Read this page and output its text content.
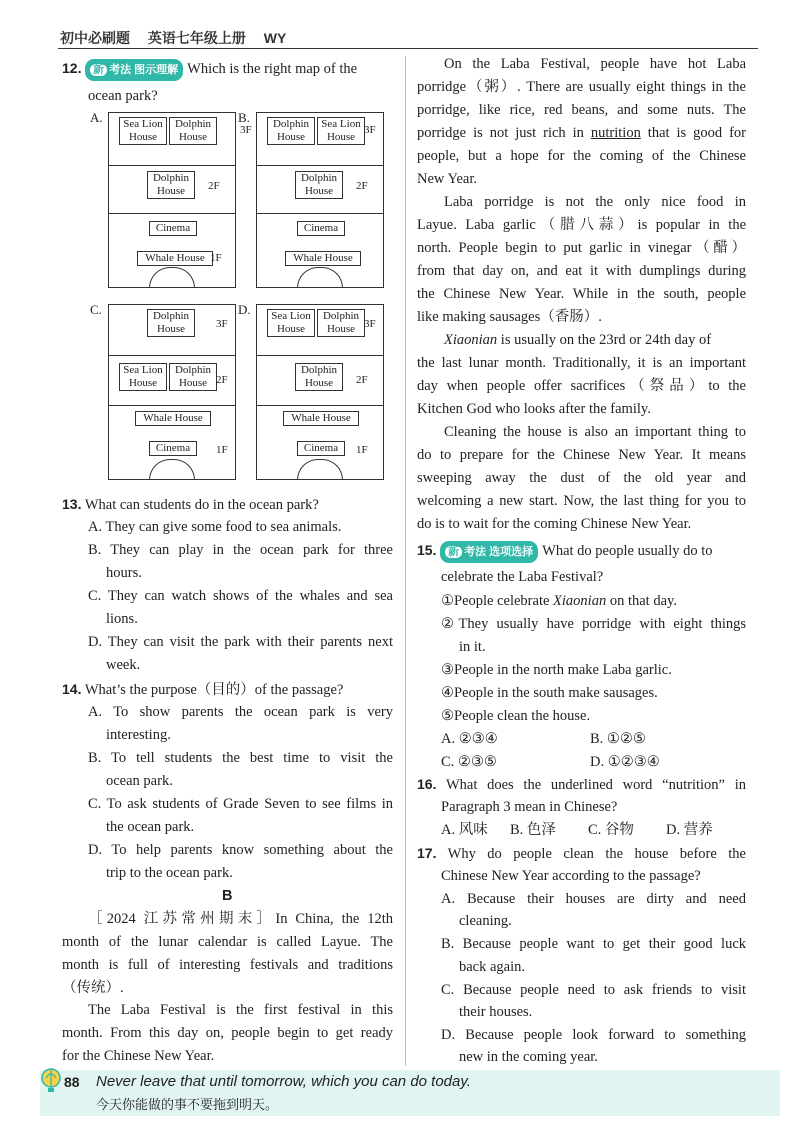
初中必刷题 英语七年级上册 WY
12. 新 考法 图示理解 Which is the right map of the
ocean park?
A.	Sea Lion House
Dolphin House
Dolphin House
Cinema
Whale House
3F
2F
1F
B.	Dolphin House
Sea Lion House
Dolphin House
Cinema
Whale House
3F
2F
C.	Dolphin House
Sea Lion House
Dolphin House
Whale House
Cinema
3F
2F
1F
D.	Sea Lion House
Dolphin House
Dolphin House
Whale House
Cinema
3F
2F
1F
13. What can students do in the ocean park?
A. They can give some food to sea animals.
B. They can play in the ocean park for three
hours.
C. They can watch shows of the whales and sea
lions.
D. They can visit the park with their parents next
week.
14. What’s the purpose（目的）of the passage?
A. To show parents the ocean park is very
interesting.
B. To tell students the best time to visit the
ocean park.
C. To ask students of Grade Seven to see films in
the ocean park.
D. To help parents know something about the
trip to the ocean park.
B
［2024 江苏常州期末］In China, the 12th
month of the lunar calendar is called Layue. The
month is full of interesting festivals and traditions
（传统）.
The Laba Festival is the first festival in this
month. From this day on, people begin to get ready
for the Chinese New Year.
On the Laba Festival, people have hot Laba
porridge（粥）. There are usually eight things in the
porridge, like rice, red beans, and some nuts. The
porridge is not just rich in nutrition that is good for
people, but a hope for the coming of the Chinese
New Year.
Laba porridge is not the only nice food in
Layue. Laba garlic（腊八蒜）is popular in the
north. People begin to put garlic in vinegar（醋）
from that day on, and eat it with dumplings during
the Chinese New Year. While in the south, people
like making sausages（香肠）.
Xiaonian is usually on the 23rd or 24th day of
the last lunar month. Traditionally, it is an important
day when people offer sacrifices（祭品）to the
Kitchen God who looks after the family.
Cleaning the house is also an important thing to
do to prepare for the Chinese New Year. It means
sweeping away the dust of the old year and
welcoming a new start. Now, the last thing for you to
do is to wait for the coming Chinese New Year.
15. 新 考法 选项选择 What do people usually do to
celebrate the Laba Festival?
①People celebrate Xiaonian on that day.
②They usually have porridge with eight things
in it.
③People in the north make Laba garlic.
④People in the south make sausages.
⑤People clean the house.
A. ②③④	B. ①②⑤
C. ②③⑤	D. ①②③④
16. What does the underlined word “nutrition” in
Paragraph 3 mean in Chinese?
A. 风味 B. 色泽 C. 谷物 D. 营养
17. Why do people clean the house before the
Chinese New Year according to the passage?
A. Because their houses are dirty and need
cleaning.
B. Because people want to get their good luck
back again.
C. Because people need to ask friends to visit
their houses.
D. Because people look forward to something
new in the coming year.
88 Never leave that until tomorrow, which you can do today.
今天你能做的事不要拖到明天。
